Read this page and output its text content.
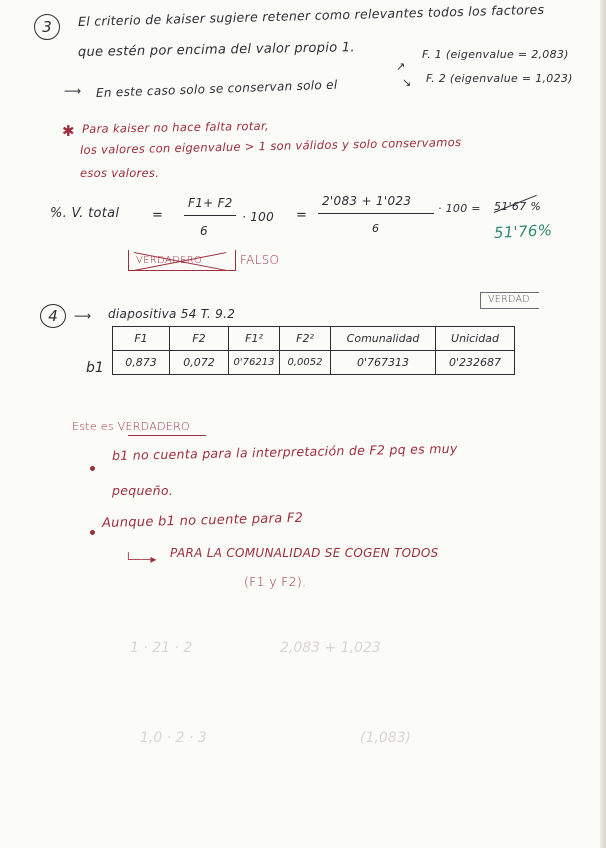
1 · 21 · 2	2,083 + 1,023
1,0 · 2 · 3	(1,083)
3	El criterio de kaiser sugiere retener como relevantes todos los factores
que estén por encima del valor propio 1.
⟶ En este caso solo se conservan solo el
↗
↘
F. 1 (eigenvalue = 2,083)
F. 2 (eigenvalue = 1,023)
✱ Para kaiser no hace falta rotar,
los valores con eigenvalue > 1 son válidos y solo conservamos
esos valores.
%. V. total	=
F1+ F2
6
· 100 =
2'083 + 1'023
6
· 100 = 51'67 %
51'76%
VERDADERO	FALSO
4	⟶ diapositiva 54 T. 9.2
VERDAD
F1	F2	F1²	F2²	Comunalidad	Unicidad
0,873	0,072	0'76213	0,0052	0'767313	0'232687
b1
Este es VERDADERO
b1 no cuenta para la interpretación de F2 pq es muy
pequeño.
Aunque b1 no cuente para F2
└──▸ PARA LA COMUNALIDAD SE COGEN TODOS
(F1 y F2).
